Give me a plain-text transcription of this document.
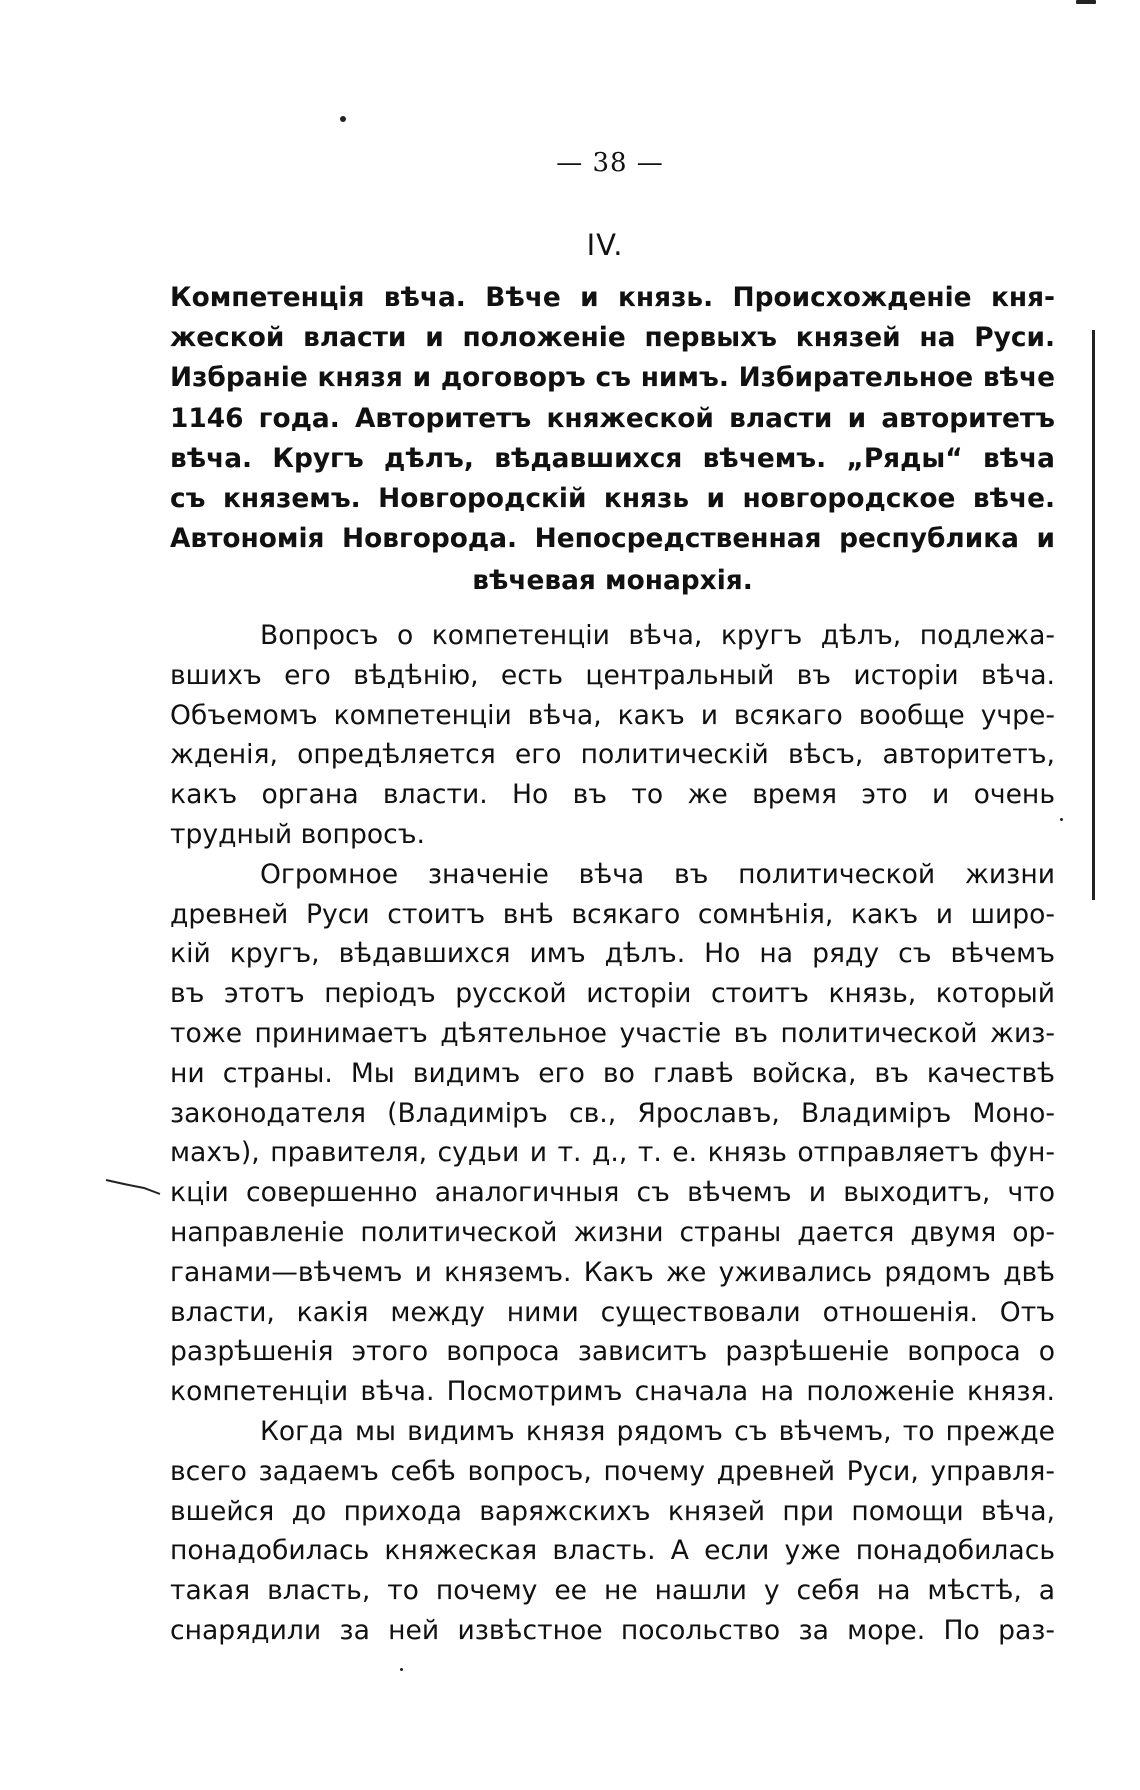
— 38 —
IV.
Компетенція вѣча. Вѣче и князь. Происхожденіе кня-
жеской власти и положеніе первыхъ князей на Руси.
Избраніе князя и договоръ съ нимъ. Избирательное вѣче
1146 года. Авторитетъ княжеской власти и авторитетъ
вѣча. Кругъ дѣлъ, вѣдавшихся вѣчемъ. „Ряды“ вѣча
съ княземъ. Новгородскій князь и новгородское вѣче.
Автономія Новгорода. Непосредственная республика и
вѣчевая монархія.
Вопросъ о компетенціи вѣча, кругъ дѣлъ, подлежа-
вшихъ его вѣдѣнію, есть центральный въ исторіи вѣча.
Объемомъ компетенціи вѣча, какъ и всякаго вообще учре-
жденія, опредѣляется его политическій вѣсъ, авторитетъ,
какъ органа власти. Но въ то же время это и очень
трудный вопросъ.
Огромное значеніе вѣча въ политической жизни
древней Руси стоитъ внѣ всякаго сомнѣнія, какъ и широ-
кій кругъ, вѣдавшихся имъ дѣлъ. Но на ряду съ вѣчемъ
въ этотъ періодъ русской исторіи стоитъ князь, который
тоже принимаетъ дѣятельное участіе въ политической жиз-
ни страны. Мы видимъ его во главѣ войска, въ качествѣ
законодателя (Владиміръ св., Ярославъ, Владиміръ Моно-
махъ), правителя, судьи и т. д., т. е. князь отправляетъ фун-
кціи совершенно аналогичныя съ вѣчемъ и выходитъ, что
направленіе политической жизни страны дается двумя ор-
ганами—вѣчемъ и княземъ. Какъ же уживались рядомъ двѣ
власти, какія между ними существовали отношенія. Отъ
разрѣшенія этого вопроса зависитъ разрѣшеніе вопроса о
компетенціи вѣча. Посмотримъ сначала на положеніе князя.
Когда мы видимъ князя рядомъ съ вѣчемъ, то прежде
всего задаемъ себѣ вопросъ, почему древней Руси, управля-
вшейся до прихода варяжскихъ князей при помощи вѣча,
понадобилась княжеская власть. А если уже понадобилась
такая власть, то почему ее не нашли у себя на мѣстѣ, а
снарядили за ней извѣстное посольство за море. По раз-
